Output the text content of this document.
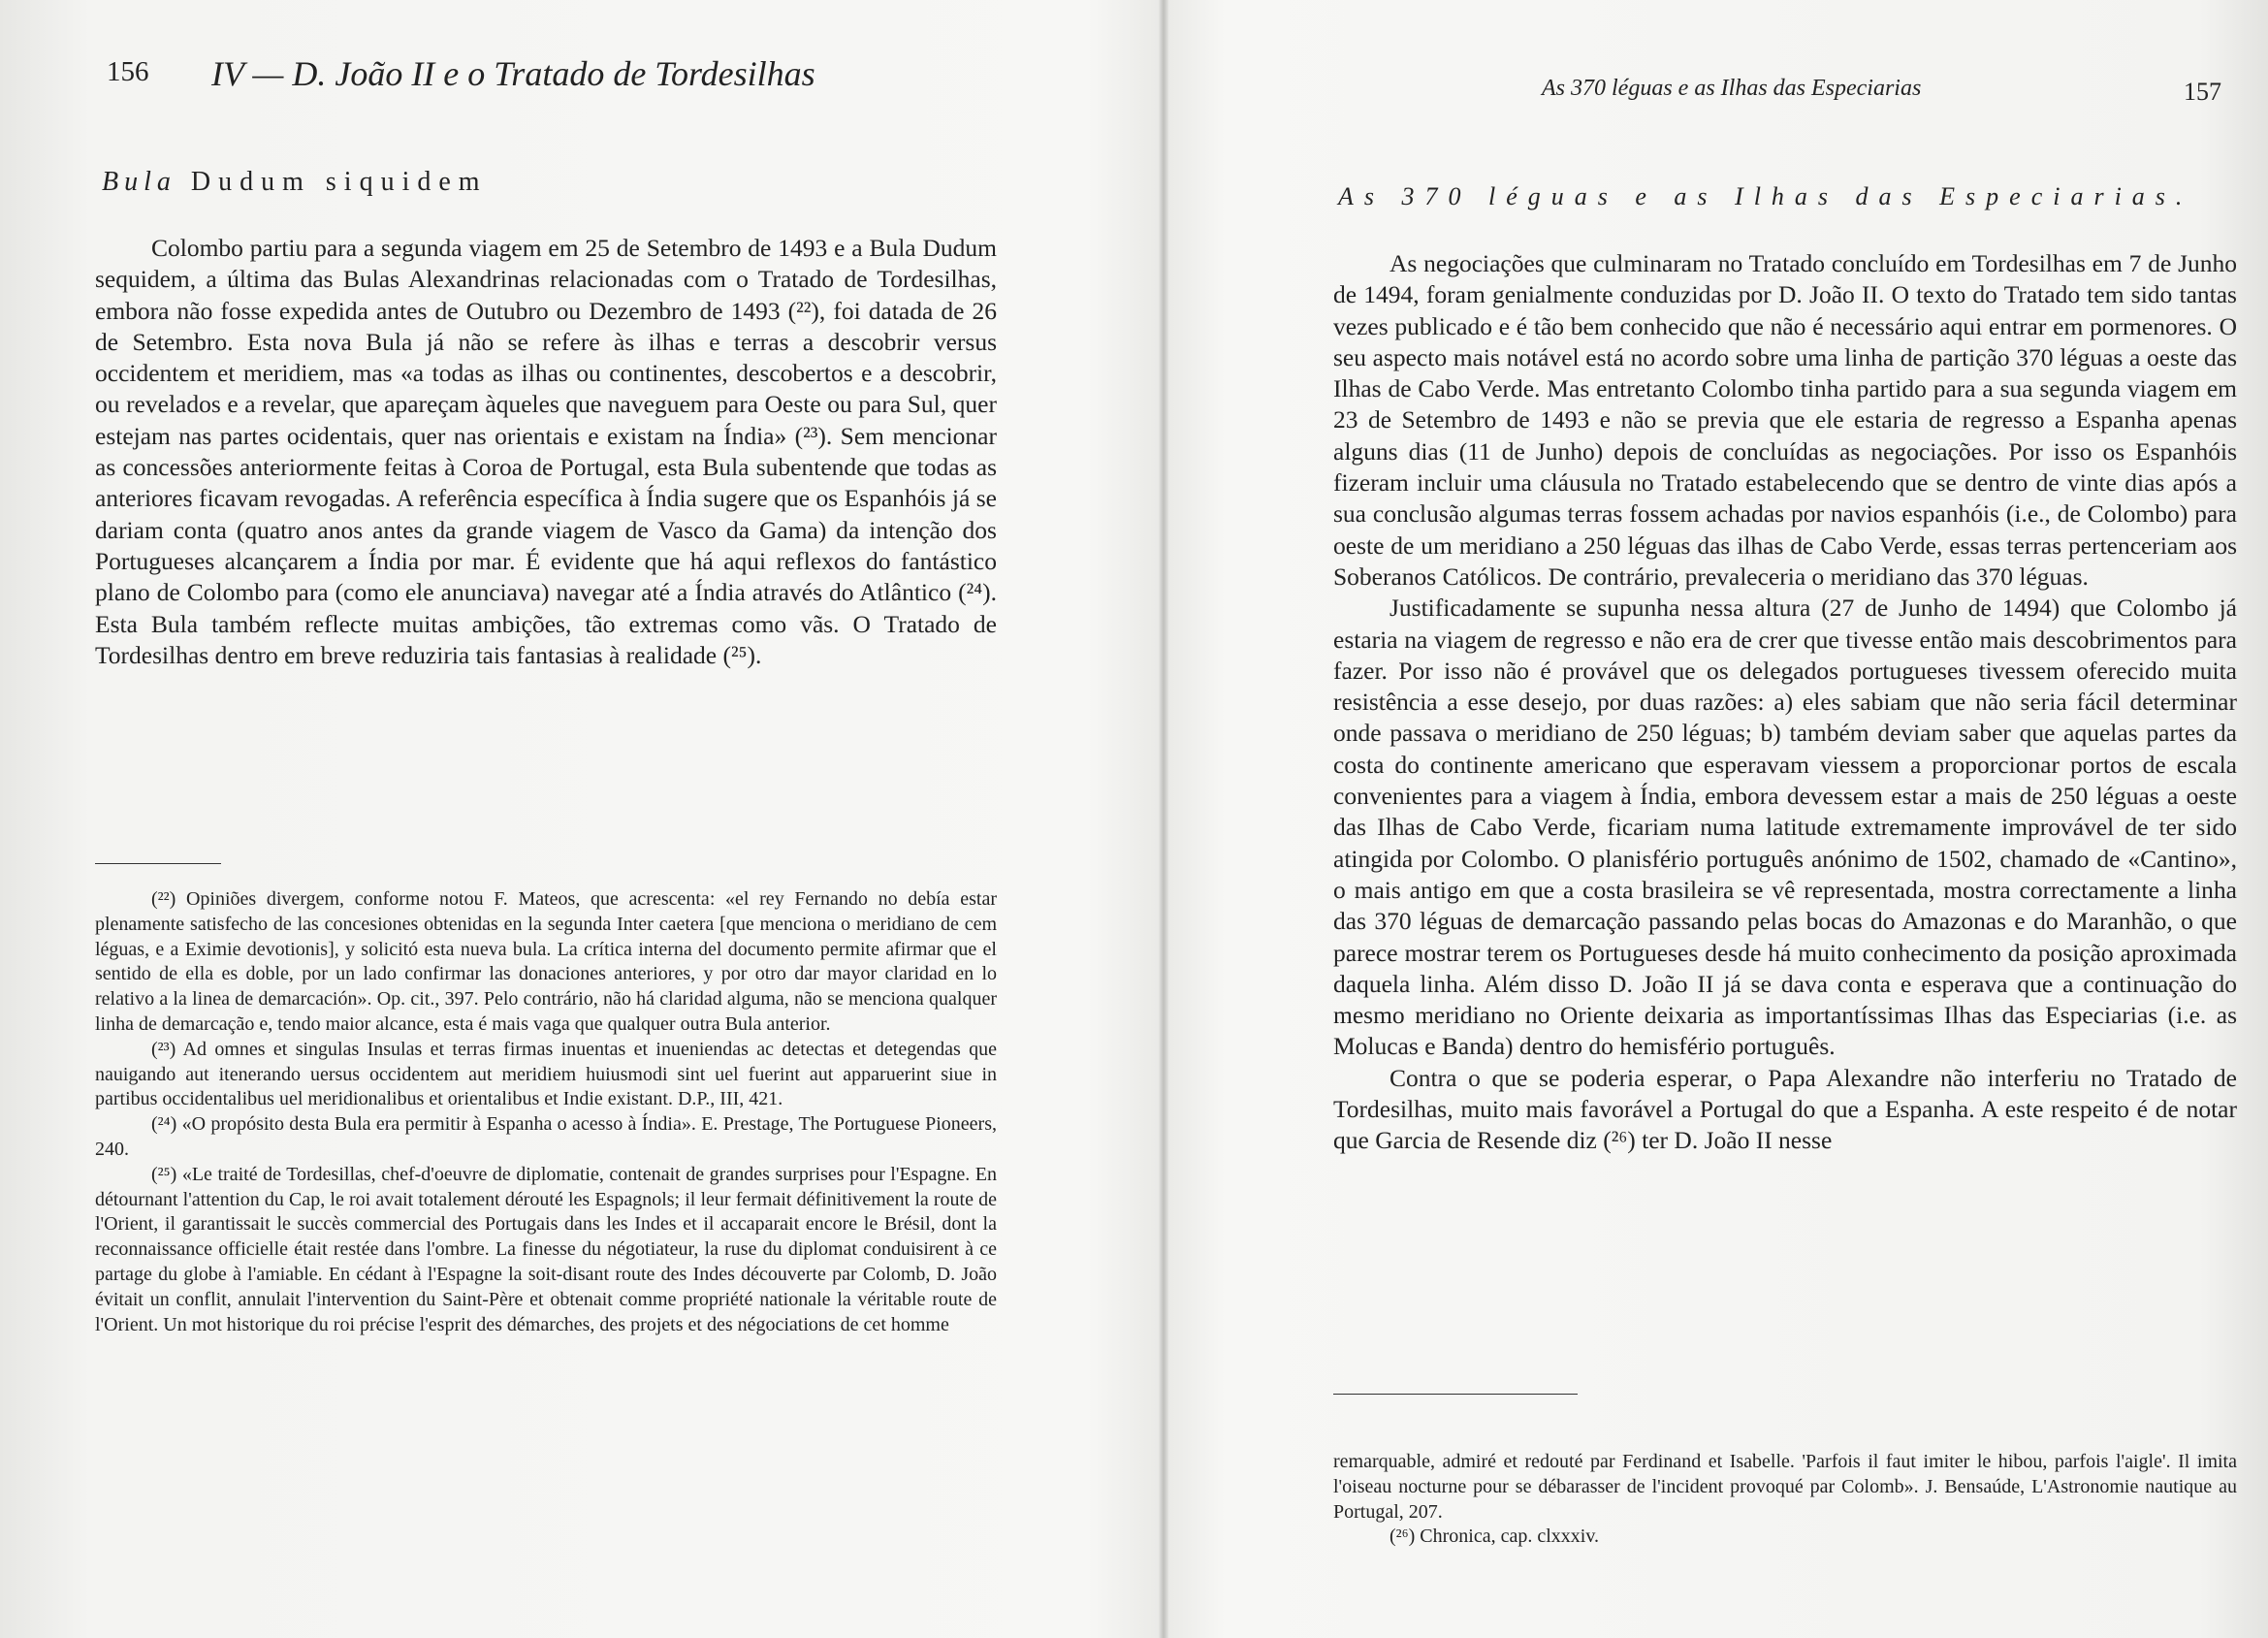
156 IV — D. João II e o Tratado de Tordesilhas
Bula Dudum siquidem

Colombo partiu para a segunda viagem em 25 de Setembro de 1493 e a Bula Dudum sequidem, a última das Bulas Alexandrinas relacionadas com o Tratado de Tordesilhas, embora não fosse expedida antes de Outubro ou Dezembro de 1493 (²²), foi datada de 26 de Setembro. Esta nova Bula já não se refere às ilhas e terras a descobrir versus occidentem et meridiem, mas «a todas as ilhas ou continentes, descobertos e a descobrir, ou revelados e a revelar, que apareçam àqueles que naveguem para Oeste ou para Sul, quer estejam nas partes ocidentais, quer nas orientais e existam na Índia» (²³). Sem mencionar as concessões anteriormente feitas à Coroa de Portugal, esta Bula subentende que todas as anteriores ficavam revogadas. A referência específica à Índia sugere que os Espanhóis já se dariam conta (quatro anos antes da grande viagem de Vasco da Gama) da intenção dos Portugueses alcançarem a Índia por mar. É evidente que há aqui reflexos do fantástico plano de Colombo para (como ele anunciava) navegar até a Índia através do Atlântico (²⁴). Esta Bula também reflecte muitas ambições, tão extremas como vãs. O Tratado de Tordesilhas dentro em breve reduziria tais fantasias à realidade (²⁵).

(²²) Opiniões divergem, conforme notou F. Mateos, que acrescenta: «el rey Fernando no debía estar plenamente satisfecho de las concesiones obtenidas en la segunda Inter caetera [que menciona o meridiano de cem léguas, e a Eximie devotionis], y solicitó esta nueva bula. La crítica interna del documento permite afirmar que el sentido de ella es doble, por un lado confirmar las donaciones anteriores, y por otro dar mayor claridad en lo relativo a la linea de demarcación». Op. cit., 397. Pelo contrário, não há claridad alguma, não se menciona qualquer linha de demarcação e, tendo maior alcance, esta é mais vaga que qualquer outra Bula anterior.

(²³) Ad omnes et singulas Insulas et terras firmas inuentas et inueniendas ac detectas et detegendas que nauigando aut itenerando uersus occidentem aut meridiem huiusmodi sint uel fuerint aut apparuerint siue in partibus occidentalibus uel meridionalibus et orientalibus et Indie existant. D.P., III, 421.

(²⁴) «O propósito desta Bula era permitir à Espanha o acesso à Índia». E. Prestage, The Portuguese Pioneers, 240.

(²⁵) «Le traité de Tordesillas, chef-d'oeuvre de diplomatie, contenait de grandes surprises pour l'Espagne. En détournant l'attention du Cap, le roi avait totalement dérouté les Espagnols; il leur fermait définitivement la route de l'Orient, il garantissait le succès commercial des Portugais dans les Indes et il accaparait encore le Brésil, dont la reconnaissance officielle était restée dans l'ombre. La finesse du négotiateur, la ruse du diplomat conduisirent à ce partage du globe à l'amiable. En cédant à l'Espagne la soit-disant route des Indes découverte par Colomb, D. João évitait un conflit, annulait l'intervention du Saint-Père et obtenait comme propriété nationale la véritable route de l'Orient. Un mot historique du roi précise l'esprit des démarches, des projets et des négociations de cet homme

As 370 léguas e as Ilhas das Especiarias	157
As 370 léguas e as Ilhas das Especiarias.

As negociações que culminaram no Tratado concluído em Tordesilhas em 7 de Junho de 1494, foram genialmente conduzidas por D. João II. O texto do Tratado tem sido tantas vezes publicado e é tão bem conhecido que não é necessário aqui entrar em pormenores. O seu aspecto mais notável está no acordo sobre uma linha de partição 370 léguas a oeste das Ilhas de Cabo Verde. Mas entretanto Colombo tinha partido para a sua segunda viagem em 23 de Setembro de 1493 e não se previa que ele estaria de regresso a Espanha apenas alguns dias (11 de Junho) depois de concluídas as negociações. Por isso os Espanhóis fizeram incluir uma cláusula no Tratado estabelecendo que se dentro de vinte dias após a sua conclusão algumas terras fossem achadas por navios espanhóis (i.e., de Colombo) para oeste de um meridiano a 250 léguas das ilhas de Cabo Verde, essas terras pertenceriam aos Soberanos Católicos. De contrário, prevaleceria o meridiano das 370 léguas.

Justificadamente se supunha nessa altura (27 de Junho de 1494) que Colombo já estaria na viagem de regresso e não era de crer que tivesse então mais descobrimentos para fazer. Por isso não é provável que os delegados portugueses tivessem oferecido muita resistência a esse desejo, por duas razões: a) eles sabiam que não seria fácil determinar onde passava o meridiano de 250 léguas; b) também deviam saber que aquelas partes da costa do continente americano que esperavam viessem a proporcionar portos de escala convenientes para a viagem à Índia, embora devessem estar a mais de 250 léguas a oeste das Ilhas de Cabo Verde, ficariam numa latitude extremamente improvável de ter sido atingida por Colombo. O planisfério português anónimo de 1502, chamado de «Cantino», o mais antigo em que a costa brasileira se vê representada, mostra correctamente a linha das 370 léguas de demarcação passando pelas bocas do Amazonas e do Maranhão, o que parece mostrar terem os Portugueses desde há muito conhecimento da posição aproximada daquela linha. Além disso D. João II já se dava conta e esperava que a continuação do mesmo meridiano no Oriente deixaria as importantíssimas Ilhas das Especiarias (i.e. as Molucas e Banda) dentro do hemisfério português.

Contra o que se poderia esperar, o Papa Alexandre não interferiu no Tratado de Tordesilhas, muito mais favorável a Portugal do que a Espanha. A este respeito é de notar que Garcia de Resende diz (²⁶) ter D. João II nesse

remarquable, admiré et redouté par Ferdinand et Isabelle. 'Parfois il faut imiter le hibou, parfois l'aigle'. Il imita l'oiseau nocturne pour se débarasser de l'incident provoqué par Colomb». J. Bensaúde, L'Astronomie nautique au Portugal, 207.

(²⁶) Chronica, cap. clxxxiv.
